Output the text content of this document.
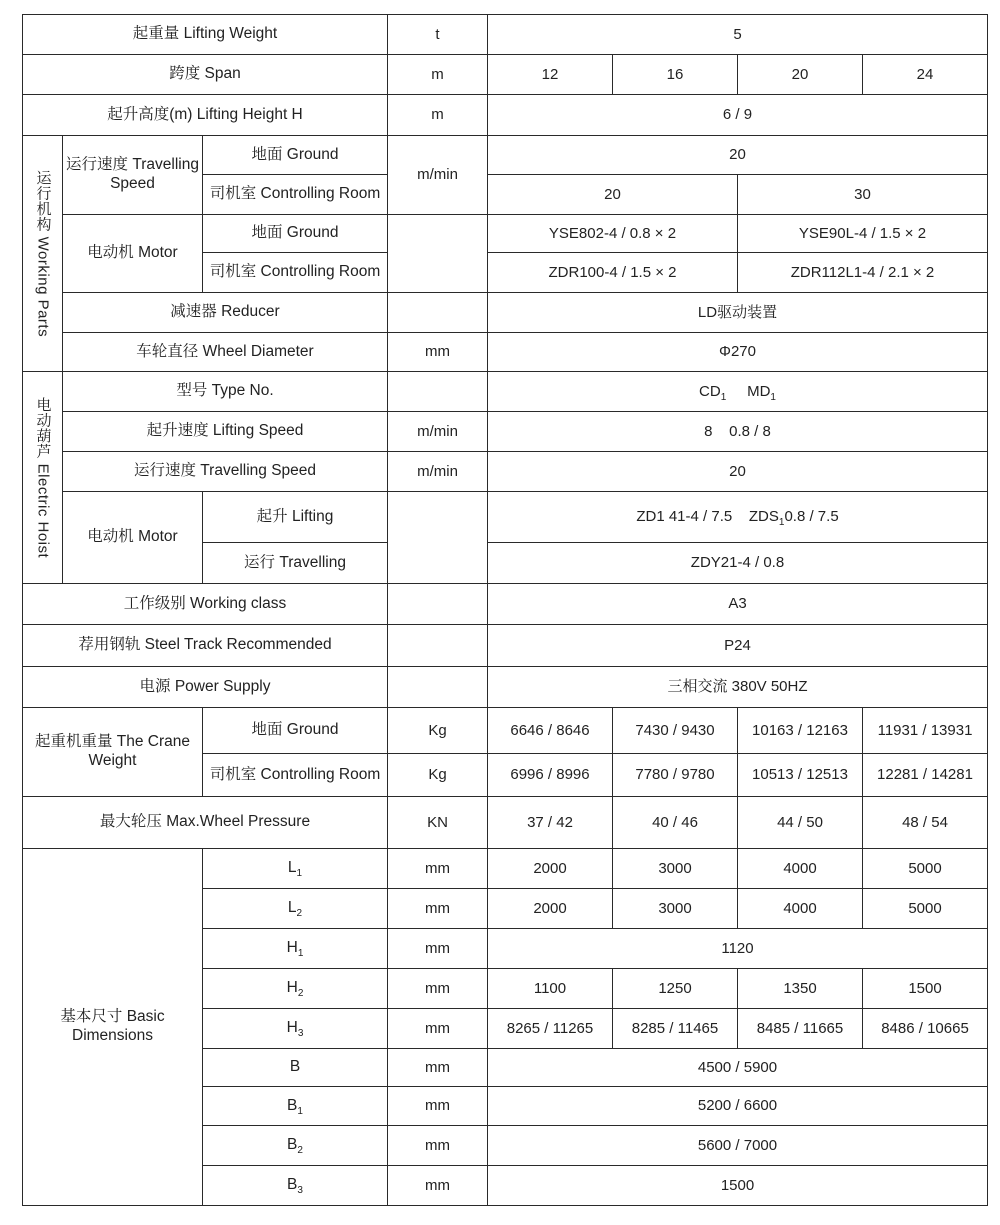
起重量 Lifting Weight			t	5			
跨度 Span			m	12	16	20	24
起升高度(m) Lifting Height H			m	6 / 9			
运行机构 Working Parts	运行速度 Travelling Speed	地面 Ground	m/min	20			
		司机室 Controlling Room		20		30	
	电动机 Motor	地面 Ground		YSE802-4 / 0.8 × 2		YSE90L-4 / 1.5 × 2	
		司机室 Controlling Room		ZDR100-4 / 1.5 × 2		ZDR112L1-4 / 2.1 × 2	
	减速器 Reducer			LD驱动装置			
	车轮直径 Wheel Diameter		mm	Φ270			
电动葫芦 Electric Hoist	型号 Type No.			$CD_1$ $MD_1$
	起升速度 Lifting Speed		m/min	8    0.8 / 8			
	运行速度 Travelling Speed		m/min	20			
	电动机 Motor	起升 Lifting		ZD1 41-4 / 7.5    $ZDS_10.8 / 7.5$			
		运行 Travelling		ZDY21-4 / 0.8			
工作级别 Working class				A3			
荐用钢轨 Steel Track Recommended				P24			
电源 Power Supply				三相交流 380V 50HZ			
起重机重量 The Crane Weight		地面 Ground	Kg	6646 / 8646	7430 / 9430	10163 / 12163	11931 / 13931
		司机室 Controlling Room	Kg	6996 / 8996	7780 / 9780	10513 / 12513	12281 / 14281
最大轮压 Max.Wheel Pressure			KN	37 / 42	40 / 46	44 / 50	48 / 54
基本尺寸 Basic Dimensions		$L_1$	mm	2000	3000	4000	5000
		$L_2$	mm	2000	3000	4000	5000
		$H_1$	mm	1120			
		$H_2$	mm	1100	1250	1350	1500
		$H_3$	mm	8265 / 11265	8285 / 11465	8485 / 11665	8486 / 10665
		B	mm	4500 / 5900			
		$B_1$	mm	5200 / 6600			
		$B_2$	mm	5600 / 7000			
		$B_3$	mm	1500			
